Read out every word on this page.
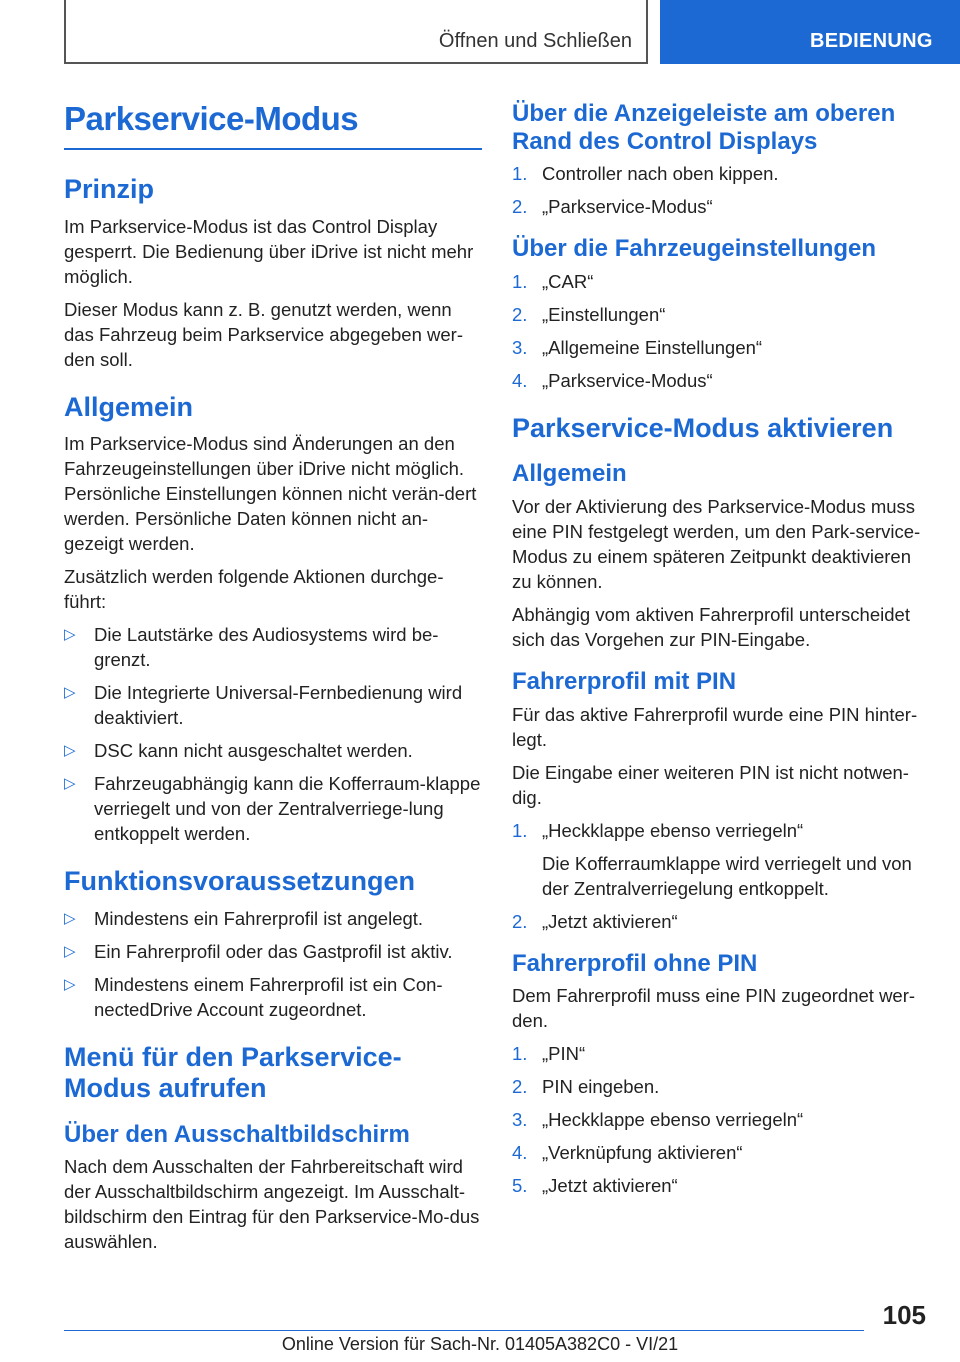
Öffnen und Schließen	BEDIENUNG
Parkservice-Modus
Prinzip

Im Parkservice-Modus ist das Control Display gesperrt. Die Bedienung über iDrive ist nicht mehr möglich.

Dieser Modus kann z. B. genutzt werden, wenn das Fahrzeug beim Parkservice abgegeben wer-den soll.

Allgemein

Im Parkservice-Modus sind Änderungen an den Fahrzeugeinstellungen über iDrive nicht möglich. Persönliche Einstellungen können nicht verän-dert werden. Persönliche Daten können nicht an-gezeigt werden.

Zusätzlich werden folgende Aktionen durchge-führt:

▷ Die Lautstärke des Audiosystems wird be-grenzt.
▷ Die Integrierte Universal-Fernbedienung wird deaktiviert.
▷ DSC kann nicht ausgeschaltet werden.
▷ Fahrzeugabhängig kann die Kofferraum-klappe verriegelt und von der Zentralverriege-lung entkoppelt werden.
Funktionsvoraussetzungen
▷ Mindestens ein Fahrerprofil ist angelegt.
▷ Ein Fahrerprofil oder das Gastprofil ist aktiv.
▷ Mindestens einem Fahrerprofil ist ein Con-nectedDrive Account zugeordnet.
Menü für den Parkservice-Modus aufrufen
Über den Ausschaltbildschirm

Nach dem Ausschalten der Fahrbereitschaft wird der Ausschaltbildschirm angezeigt. Im Ausschalt-bildschirm den Eintrag für den Parkservice-Mo-dus auswählen.

Über die Anzeigeleiste am oberen Rand des Control Displays
1. Controller nach oben kippen.
2. „Parkservice-Modus“
Über die Fahrzeugeinstellungen
1. „CAR“
2. „Einstellungen“
3. „Allgemeine Einstellungen“
4. „Parkservice-Modus“
Parkservice-Modus aktivieren
Allgemein

Vor der Aktivierung des Parkservice-Modus muss eine PIN festgelegt werden, um den Park-service-Modus zu einem späteren Zeitpunkt deaktivieren zu können.

Abhängig vom aktiven Fahrerprofil unterscheidet sich das Vorgehen zur PIN-Eingabe.

Fahrerprofil mit PIN

Für das aktive Fahrerprofil wurde eine PIN hinter-legt.

Die Eingabe einer weiteren PIN ist nicht notwen-dig.

1. „Heckklappe ebenso verriegeln“
Die Kofferraumklappe wird verriegelt und von der Zentralverriegelung entkoppelt.
2. „Jetzt aktivieren“
Fahrerprofil ohne PIN

Dem Fahrerprofil muss eine PIN zugeordnet wer-den.

1. „PIN“
2. PIN eingeben.
3. „Heckklappe ebenso verriegeln“
4. „Verknüpfung aktivieren“
5. „Jetzt aktivieren“
105
Online Version für Sach-Nr. 01405A382C0 - VI/21
